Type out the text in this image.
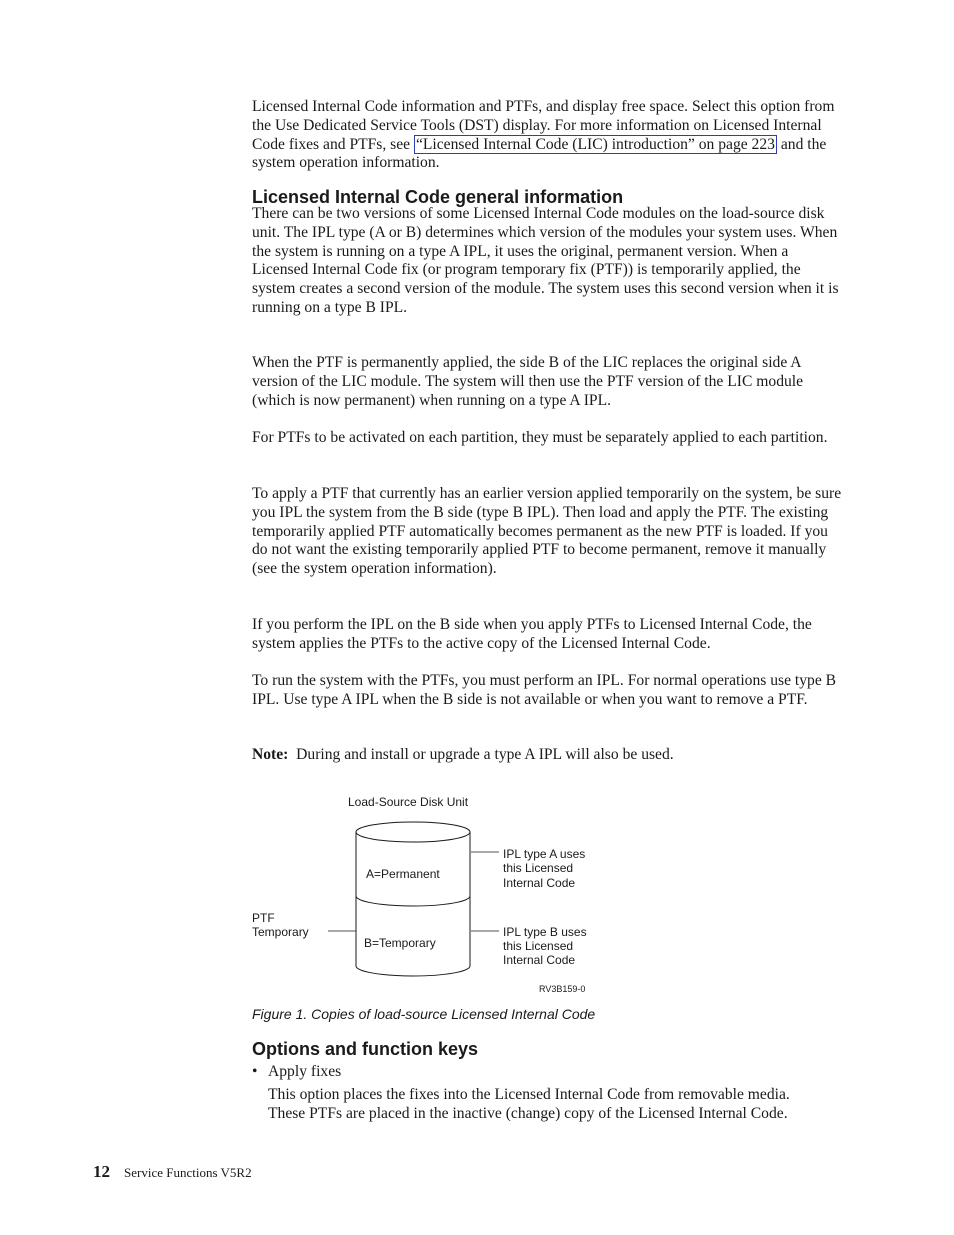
Licensed Internal Code information and PTFs, and display free space. Select this option from the Use Dedicated Service Tools (DST) display. For more information on Licensed Internal Code fixes and PTFs, see “Licensed Internal Code (LIC) introduction” on page 223 and the system operation information.

Licensed Internal Code general information

There can be two versions of some Licensed Internal Code modules on the load-source disk unit. The IPL type (A or B) determines which version of the modules your system uses. When the system is running on a type A IPL, it uses the original, permanent version. When a Licensed Internal Code fix (or program temporary fix (PTF)) is temporarily applied, the system creates a second version of the module. The system uses this second version when it is running on a type B IPL.

When the PTF is permanently applied, the side B of the LIC replaces the original side A version of the LIC module. The system will then use the PTF version of the LIC module (which is now permanent) when running on a type A IPL.

For PTFs to be activated on each partition, they must be separately applied to each partition.

To apply a PTF that currently has an earlier version applied temporarily on the system, be sure you IPL the system from the B side (type B IPL). Then load and apply the PTF. The existing temporarily applied PTF automatically becomes permanent as the new PTF is loaded. If you do not want the existing temporarily applied PTF to become permanent, remove it manually (see the system operation information).

If you perform the IPL on the B side when you apply PTFs to Licensed Internal Code, the system applies the PTFs to the active copy of the Licensed Internal Code.

To run the system with the PTFs, you must perform an IPL. For normal operations use type B IPL. Use type A IPL when the B side is not available or when you want to remove a PTF.

Note: During and install or upgrade a type A IPL will also be used.

Load-Source Disk Unit
A=Permanent
B=Temporary
PTF Temporary
IPL type A uses this Licensed Internal Code
IPL type B uses this Licensed Internal Code
RV3B159-0

Figure 1. Copies of load-source Licensed Internal Code

Options and function keys
• Apply fixes

This option places the fixes into the Licensed Internal Code from removable media. These PTFs are placed in the inactive (change) copy of the Licensed Internal Code.

12 Service Functions V5R2
